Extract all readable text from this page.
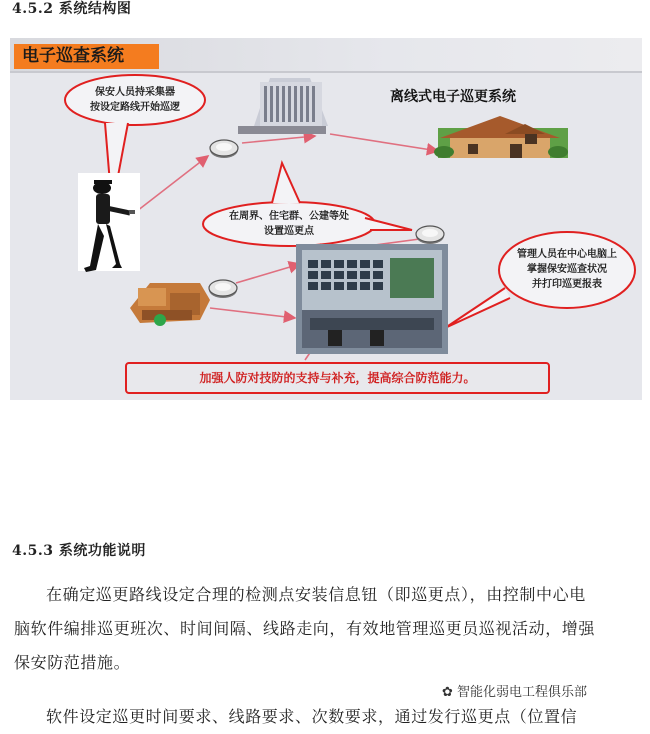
4.5.2 系统结构图
电子巡查系统
保安人员持采集器
按设定路线开始巡逻
离线式电子巡更系统
在周界、住宅群、公建等处
设置巡更点
管理人员在中心电脑上
掌握保安巡查状况
并打印巡更报表
加强人防对技防的支持与补充，提高综合防范能力。
4.5.3 系统功能说明
在确定巡更路线设定合理的检测点安装信息钮（即巡更点），由控制中心电
脑软件编排巡更班次、时间间隔、线路走向，有效地管理巡更员巡视活动，增强
保安防范措施。
软件设定巡更时间要求、线路要求、次数要求，通过发行巡更点（位置信
✿ 智能化弱电工程俱乐部
